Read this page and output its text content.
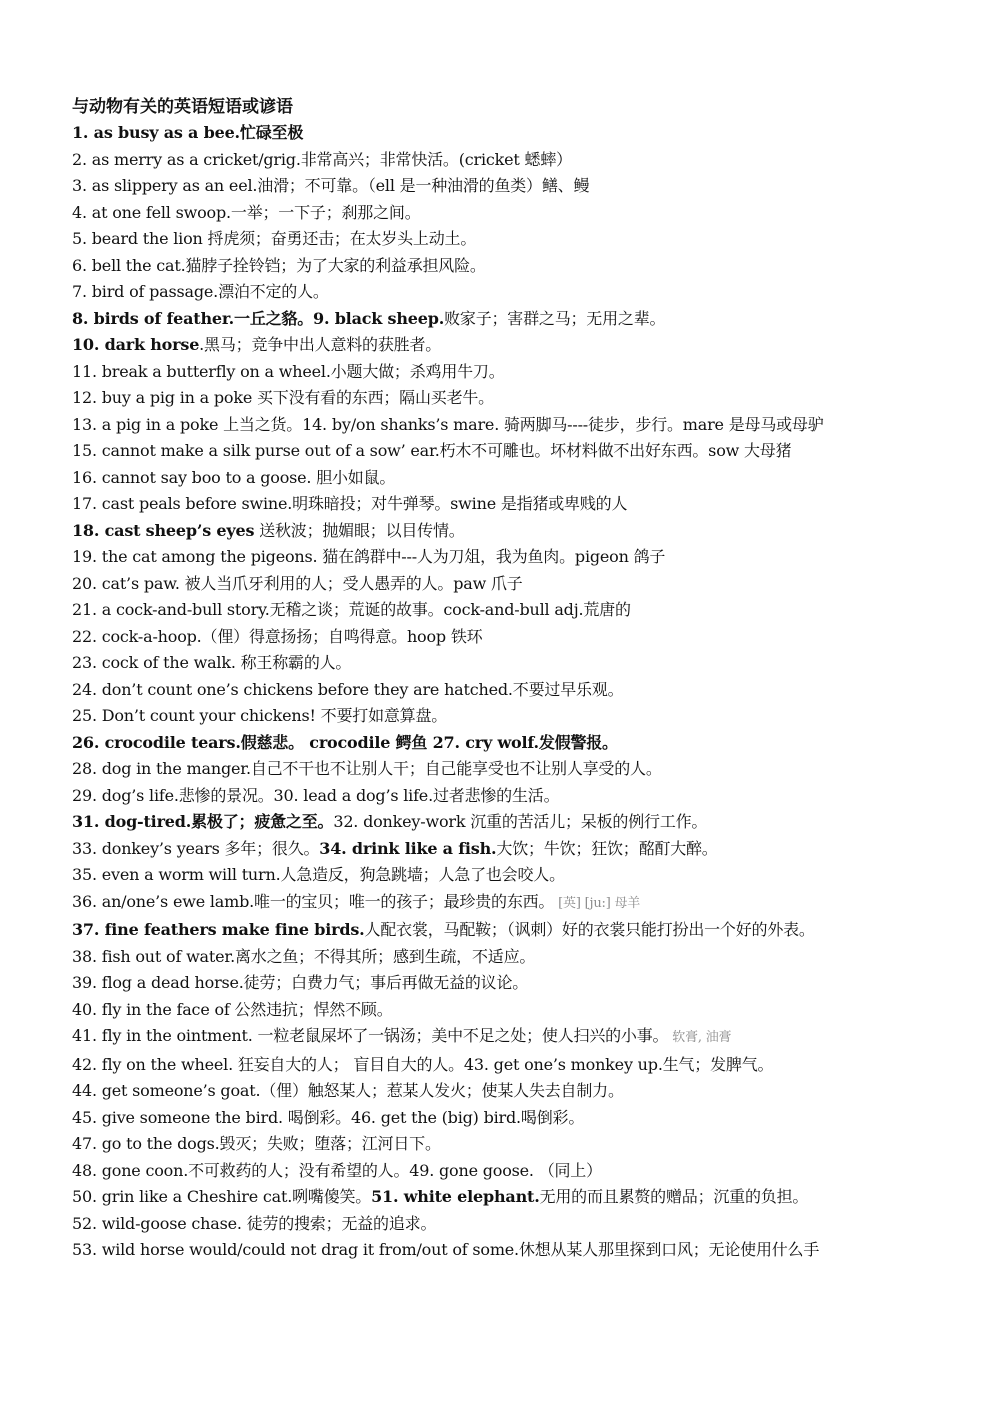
与动物有关的英语短语或谚语
1. as busy as a bee.忙碌至极
2. as merry as a cricket/grig.非常高兴；非常快活。(cricket 蟋蟀）
3. as slippery as an eel.油滑；不可靠。（ell 是一种油滑的鱼类）鳝、鳗
4. at one fell swoop.一举；一下子；刹那之间。
5. beard the lion 捋虎须；奋勇还击；在太岁头上动土。
6. bell the cat.猫脖子拴铃铛；为了大家的利益承担风险。
7. bird of passage.漂泊不定的人。
8. birds of feather.一丘之貉。9. black sheep.败家子；害群之马；无用之辈。
10. dark horse.黑马；竞争中出人意料的获胜者。
11. break a butterfly on a wheel.小题大做；杀鸡用牛刀。
12. buy a pig in a poke 买下没有看的东西；隔山买老牛。
13. a pig in a poke 上当之货。14. by/on shanks’s mare. 骑两脚马----徒步，步行。mare 是母马或母驴
15. cannot make a silk purse out of a sow’ ear.朽木不可雕也。坏材料做不出好东西。sow 大母猪
16. cannot say boo to a goose. 胆小如鼠。
17. cast peals before swine.明珠暗投；对牛弹琴。swine 是指猪或卑贱的人
18. cast sheep’s eyes 送秋波；抛媚眼；以目传情。
19. the cat among the pigeons. 猫在鸽群中---人为刀俎，我为鱼肉。pigeon 鸽子
20. cat’s paw. 被人当爪牙利用的人；受人愚弄的人。paw 爪子
21. a cock-and-bull story.无稽之谈；荒诞的故事。cock-and-bull adj.荒唐的
22. cock-a-hoop.（俚）得意扬扬；自鸣得意。hoop 铁环
23. cock of the walk. 称王称霸的人。
24. don’t count one’s chickens before they are hatched.不要过早乐观。
25. Don’t count your chickens! 不要打如意算盘。
26. crocodile tears.假慈悲。 crocodile 鳄鱼 27. cry wolf.发假警报。
28. dog in the manger.自己不干也不让别人干；自己能享受也不让别人享受的人。
29. dog’s life.悲惨的景况。30. lead a dog’s life.过者悲惨的生活。
31. dog-tired.累极了；疲惫之至。32. donkey-work 沉重的苦活儿；呆板的例行工作。
33. donkey’s years 多年；很久。34. drink like a fish.大饮；牛饮；狂饮；酩酊大醉。
35. even a worm will turn.人急造反，狗急跳墙；人急了也会咬人。
36. an/one’s ewe lamb.唯一的宝贝；唯一的孩子；最珍贵的东西。 [英] [ju:] 母羊
37. fine feathers make fine birds.人配衣裳，马配鞍；（讽刺）好的衣裳只能打扮出一个好的外表。
38. fish out of water.离水之鱼；不得其所；感到生疏，不适应。
39. flog a dead horse.徒劳；白费力气；事后再做无益的议论。
40. fly in the face of 公然违抗；悍然不顾。
41. fly in the ointment. 一粒老鼠屎坏了一锅汤；美中不足之处；使人扫兴的小事。 软膏, 油膏
42. fly on the wheel. 狂妄自大的人； 盲目自大的人。43. get one’s monkey up.生气；发脾气。
44. get someone’s goat.（俚）触怒某人；惹某人发火；使某人失去自制力。
45. give someone the bird. 喝倒彩。46. get the (big) bird.喝倒彩。
47. go to the dogs.毁灭；失败；堕落；江河日下。
48. gone coon.不可救药的人；没有希望的人。49. gone goose. （同上）
50. grin like a Cheshire cat.咧嘴傻笑。51. white elephant.无用的而且累赘的赠品；沉重的负担。
52. wild-goose chase. 徒劳的搜索；无益的追求。
53. wild horse would/could not drag it from/out of some.休想从某人那里探到口风；无论使用什么手
